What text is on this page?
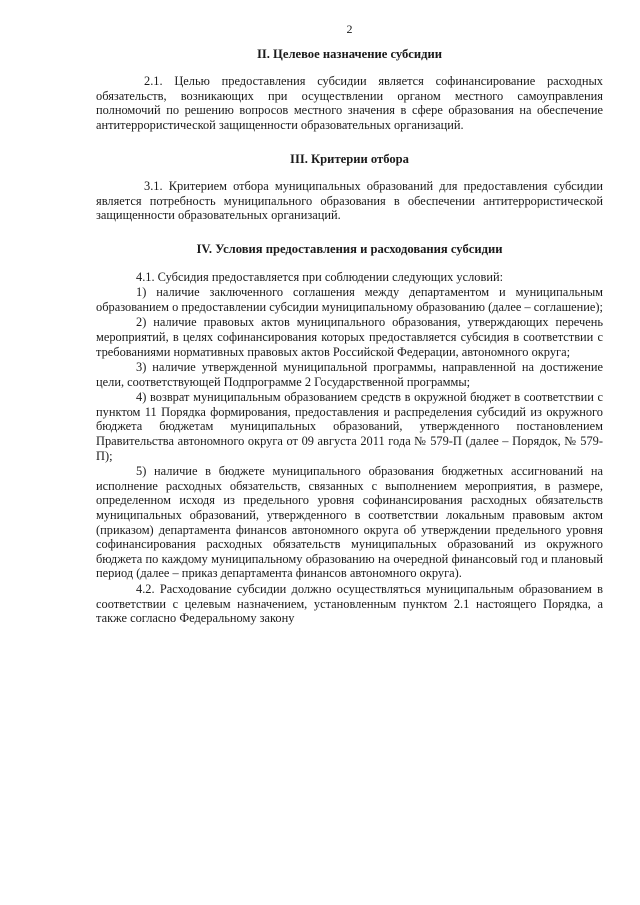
2
II. Целевое назначение субсидии

2.1. Целью предоставления субсидии является софинансирование расходных обязательств, возникающих при осуществлении органом местного самоуправления полномочий по решению вопросов местного значения в сфере образования на обеспечение антитеррористической защищенности образовательных организаций.

III. Критерии отбора

3.1. Критерием отбора муниципальных образований для предоставления субсидии является потребность муниципального образования в обеспечении антитеррористической защищенности образовательных организаций.

IV. Условия предоставления и расходования субсидии

4.1. Субсидия предоставляется при соблюдении следующих условий:

1) наличие заключенного соглашения между департаментом и муниципальным образованием о предоставлении субсидии муниципальному образованию (далее – соглашение);

2) наличие правовых актов муниципального образования, утверждающих перечень мероприятий, в целях софинансирования которых предоставляется субсидия в соответствии с требованиями нормативных правовых актов Российской Федерации, автономного округа;

3) наличие утвержденной муниципальной программы, направленной на достижение цели, соответствующей Подпрограмме 2 Государственной программы;

4) возврат муниципальным образованием средств в окружной бюджет в соответствии с пунктом 11 Порядка формирования, предоставления и распределения субсидий из окружного бюджета бюджетам муниципальных образований, утвержденного постановлением Правительства автономного округа от 09 августа 2011 года № 579-П (далее – Порядок, № 579-П);

5) наличие в бюджете муниципального образования бюджетных ассигнований на исполнение расходных обязательств, связанных с выполнением мероприятия, в размере, определенном исходя из предельного уровня софинансирования расходных обязательств муниципальных образований, утвержденного в соответствии локальным правовым актом (приказом) департамента финансов автономного округа об утверждении предельного уровня софинансирования расходных обязательств муниципальных образований из окружного бюджета по каждому муниципальному образованию на очередной финансовый год и плановый период (далее – приказ департамента финансов автономного округа).

4.2. Расходование субсидии должно осуществляться муниципальным образованием в соответствии с целевым назначением, установленным пунктом 2.1 настоящего Порядка, а также согласно Федеральному закону
